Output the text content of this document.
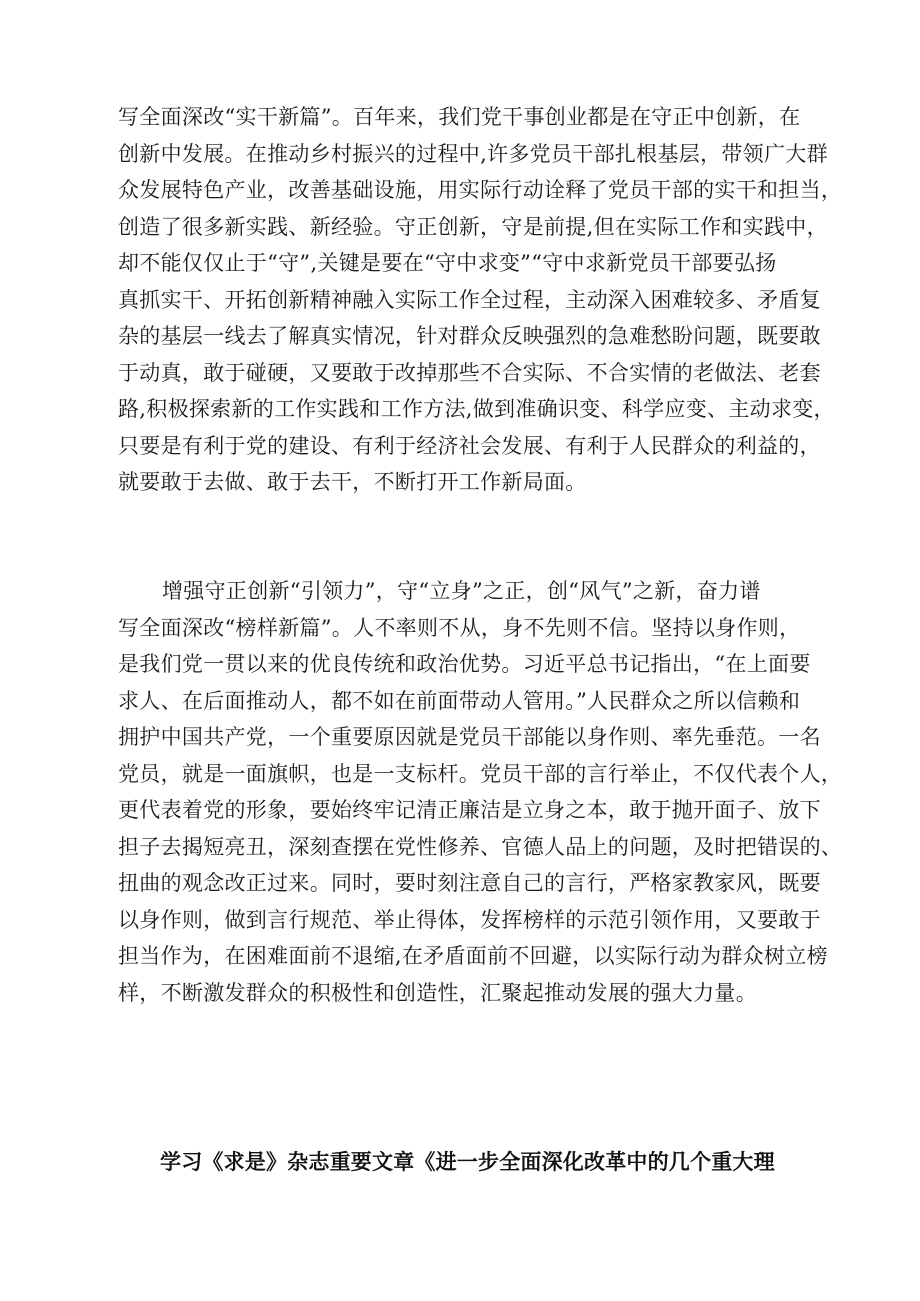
写全面深改“实干新篇”。百年来，我们党干事创业都是在守正中创新，在
创新中发展。在推动乡村振兴的过程中,许多党员干部扎根基层，带领广大群
众发展特色产业，改善基础设施，用实际行动诠释了党员干部的实干和担当，
创造了很多新实践、新经验。守正创新，守是前提,但在实际工作和实践中，
却不能仅仅止于“守”,关键是要在“守中求变”“守中求新党员干部要弘扬
真抓实干、开拓创新精神融入实际工作全过程，主动深入困难较多、矛盾复
杂的基层一线去了解真实情况，针对群众反映强烈的急难愁盼问题，既要敢
于动真，敢于碰硬，又要敢于改掉那些不合实际、不合实情的老做法、老套
路,积极探索新的工作实践和工作方法,做到准确识变、科学应变、主动求变，
只要是有利于党的建设、有利于经济社会发展、有利于人民群众的利益的，
就要敢于去做、敢于去干，不断打开工作新局面。
增强守正创新“引领力”，守“立身”之正，创“风气”之新，奋力谱
写全面深改“榜样新篇”。人不率则不从，身不先则不信。坚持以身作则，
是我们党一贯以来的优良传统和政治优势。习近平总书记指出，“在上面要
求人、在后面推动人，都不如在前面带动人管用。”人民群众之所以信赖和
拥护中国共产党，一个重要原因就是党员干部能以身作则、率先垂范。一名
党员，就是一面旗帜，也是一支标杆。党员干部的言行举止，不仅代表个人，
更代表着党的形象，要始终牢记清正廉洁是立身之本，敢于抛开面子、放下
担子去揭短亮丑，深刻查摆在党性修养、官德人品上的问题，及时把错误的、
扭曲的观念改正过来。同时，要时刻注意自己的言行，严格家教家风，既要
以身作则，做到言行规范、举止得体，发挥榜样的示范引领作用，又要敢于
担当作为，在困难面前不退缩,在矛盾面前不回避，以实际行动为群众树立榜
样，不断激发群众的积极性和创造性，汇聚起推动发展的强大力量。
学习《求是》杂志重要文章《进一步全面深化改革中的几个重大理
